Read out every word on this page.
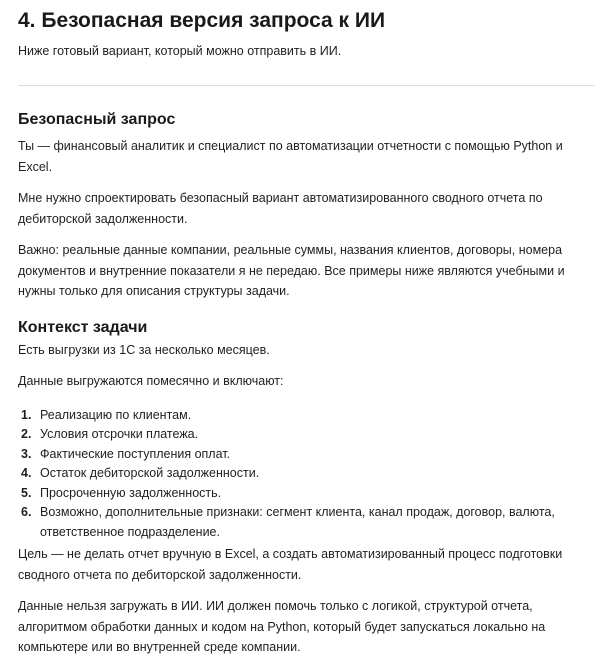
4. Безопасная версия запроса к ИИ
Ниже готовый вариант, который можно отправить в ИИ.
Безопасный запрос

Ты — финансовый аналитик и специалист по автоматизации отчетности с помощью Python и Excel.

Мне нужно спроектировать безопасный вариант автоматизированного сводного отчета по дебиторской задолженности.

Важно: реальные данные компании, реальные суммы, названия клиентов, договоры, номера документов и внутренние показатели я не передаю. Все примеры ниже являются учебными и нужны только для описания структуры задачи.

Контекст задачи

Есть выгрузки из 1С за несколько месяцев.

Данные выгружаются помесячно и включают:

1. Реализацию по клиентам.
2. Условия отсрочки платежа.
3. Фактические поступления оплат.
4. Остаток дебиторской задолженности.
5. Просроченную задолженность.
6. Возможно, дополнительные признаки: сегмент клиента, канал продаж, договор, валюта, ответственное подразделение.

Цель — не делать отчет вручную в Excel, а создать автоматизированный процесс подготовки сводного отчета по дебиторской задолженности.

Данные нельзя загружать в ИИ. ИИ должен помочь только с логикой, структурой отчета, алгоритмом обработки данных и кодом на Python, который будет запускаться локально на компьютере или во внутренней среде компании.
